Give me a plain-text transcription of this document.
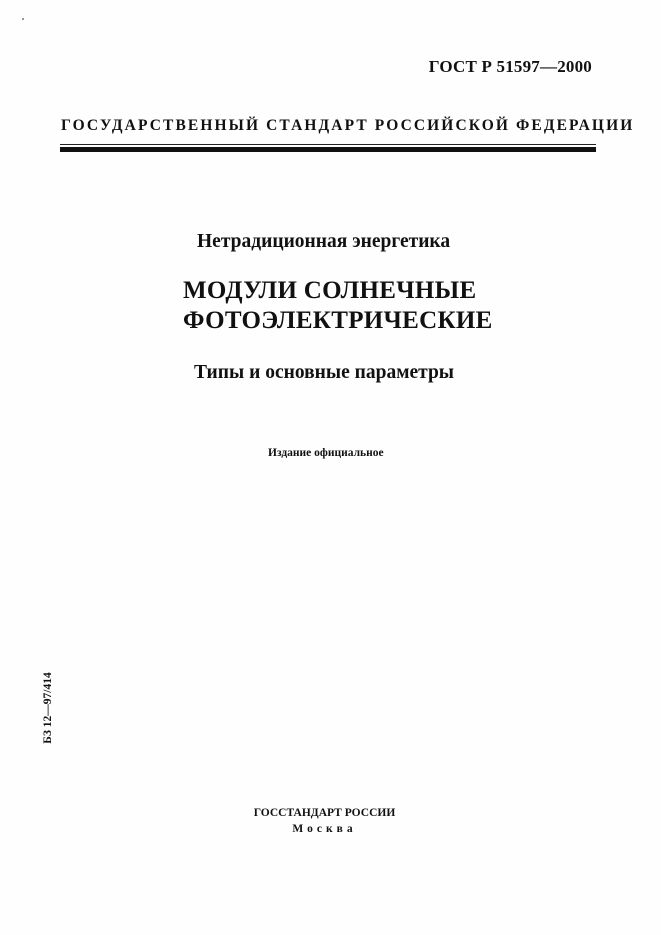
ГОСТ Р 51597—2000
ГОСУДАРСТВЕННЫЙ СТАНДАРТ РОССИЙСКОЙ ФЕДЕРАЦИИ
Нетрадиционная энергетика
МОДУЛИ СОЛНЕЧНЫЕ
ФОТОЭЛЕКТРИЧЕСКИЕ
Типы и основные параметры
Издание официальное
БЗ 12—97/414
ГОССТАНДАРТ РОССИИ
Москва
